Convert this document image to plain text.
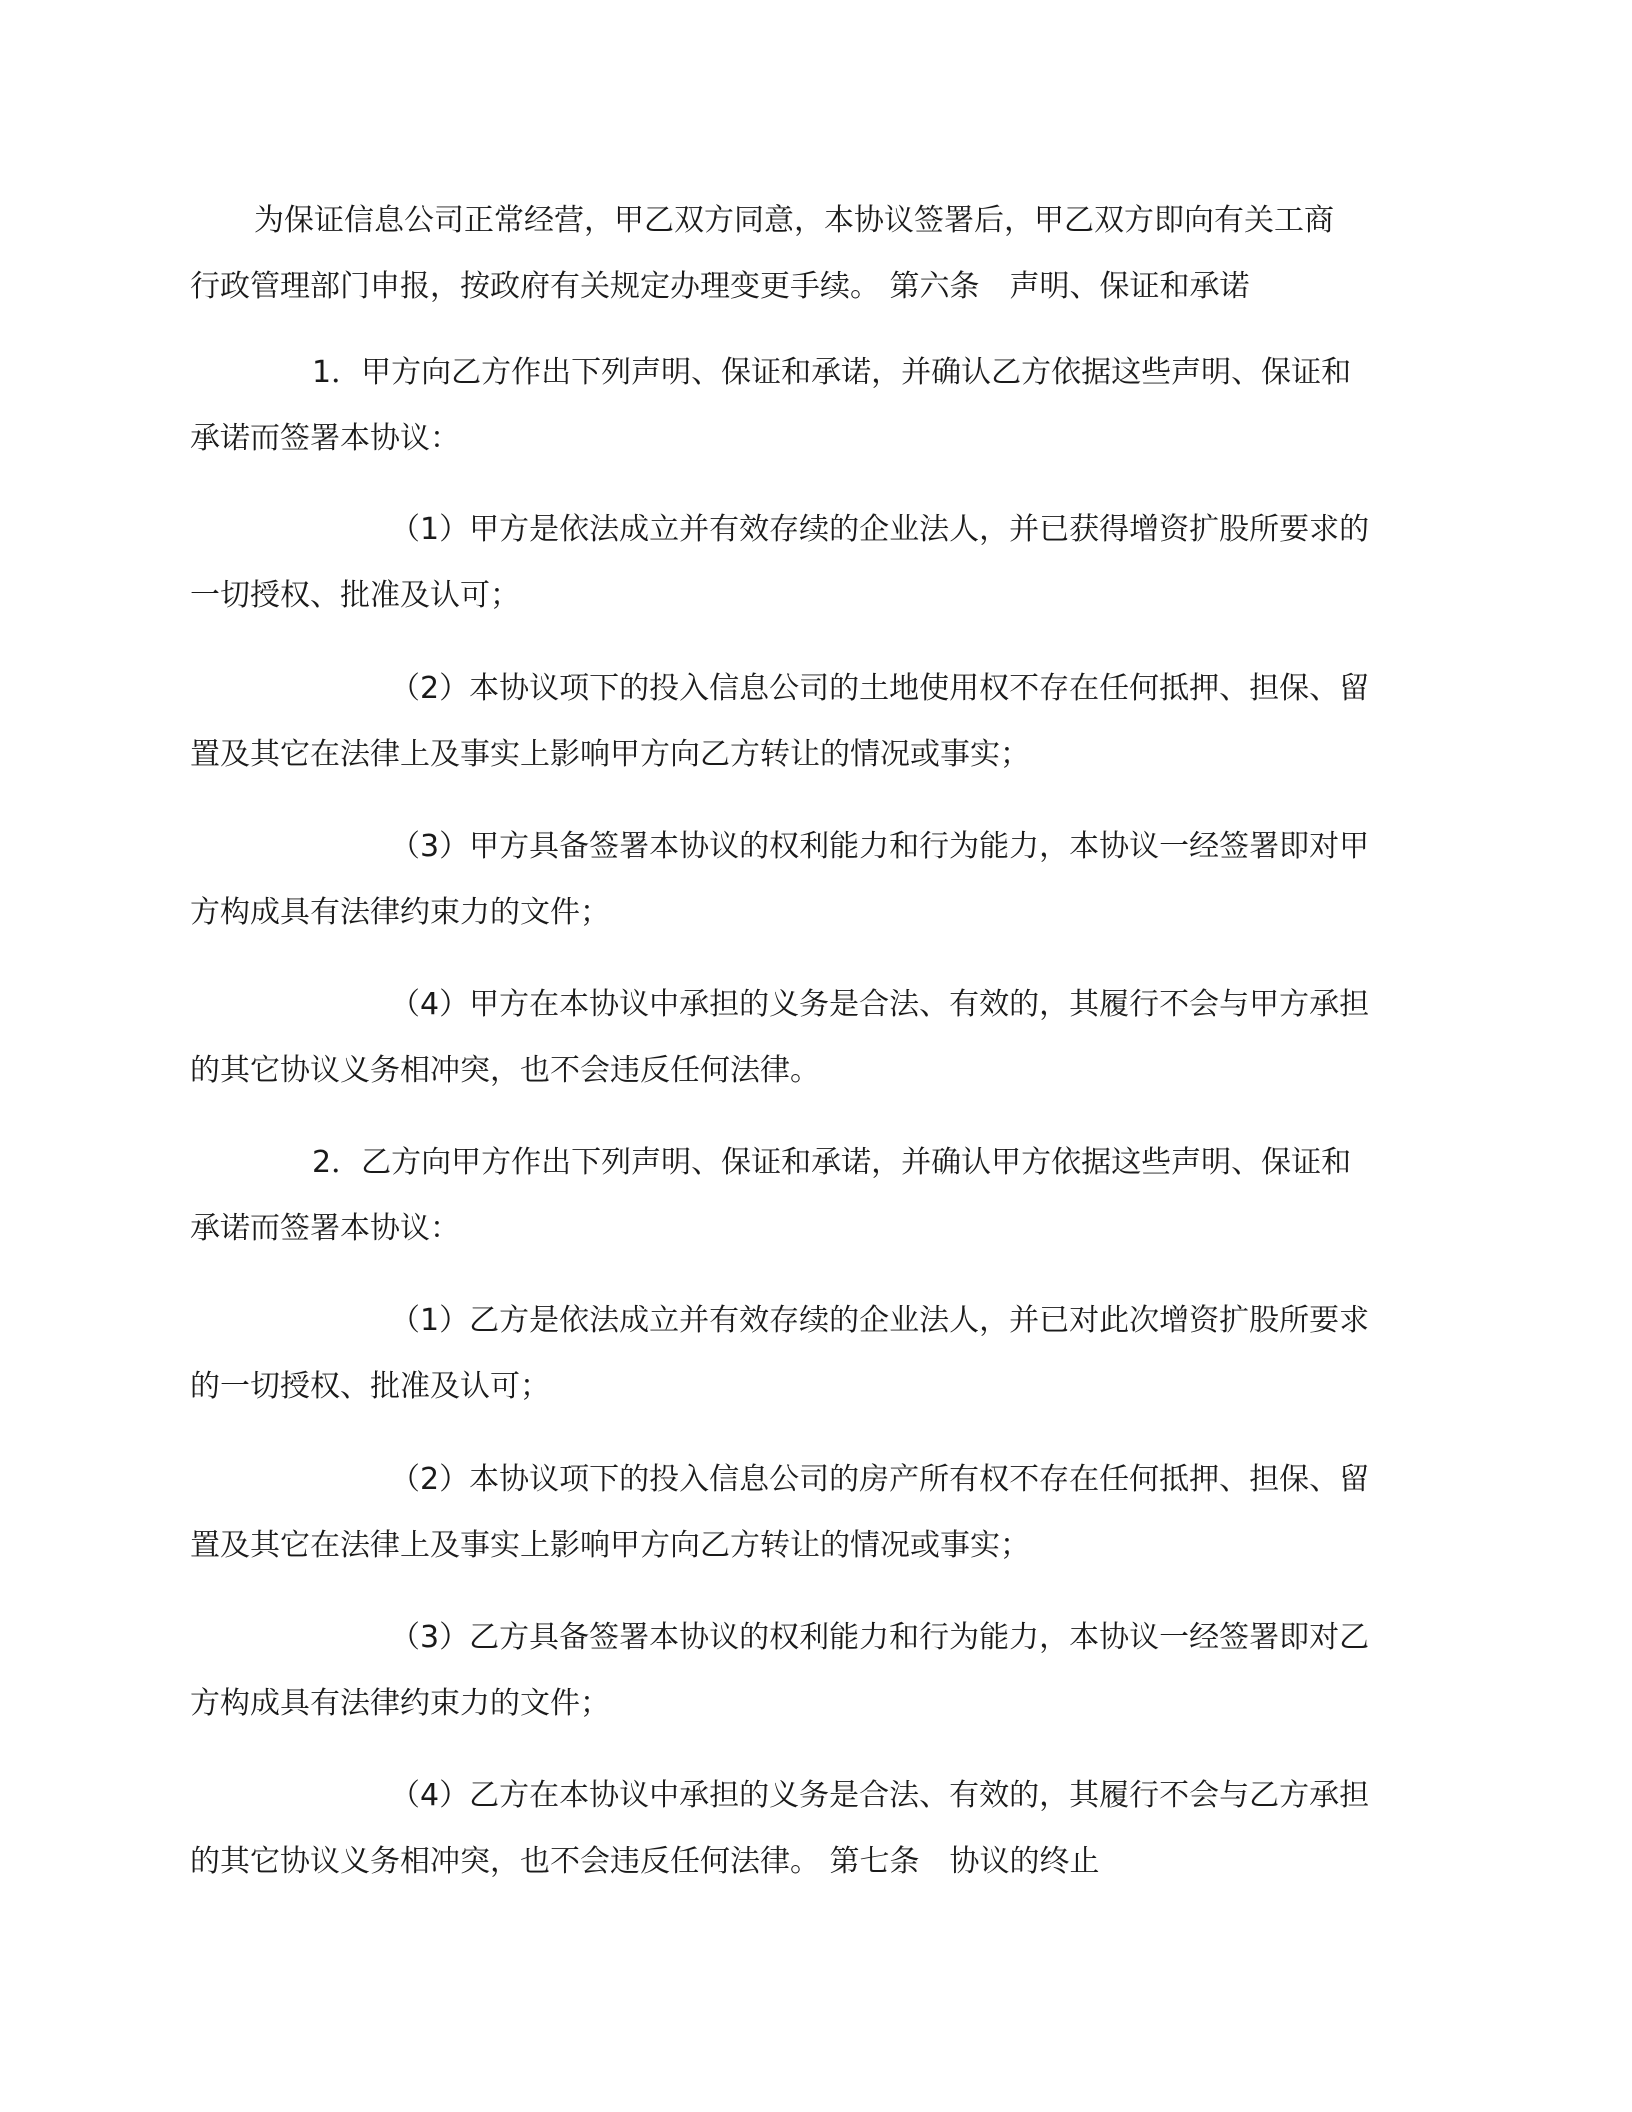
为保证信息公司正常经营，甲乙双方同意，本协议签署后，甲乙双方即向有关工商
行政管理部门申报，按政府有关规定办理变更手续。 第六条　声明、保证和承诺

1．甲方向乙方作出下列声明、保证和承诺，并确认乙方依据这些声明、保证和
承诺而签署本协议：

（1）甲方是依法成立并有效存续的企业法人，并已获得增资扩股所要求的
一切授权、批准及认可；

（2）本协议项下的投入信息公司的土地使用权不存在任何抵押、担保、留
置及其它在法律上及事实上影响甲方向乙方转让的情况或事实；

（3）甲方具备签署本协议的权利能力和行为能力，本协议一经签署即对甲
方构成具有法律约束力的文件；

（4）甲方在本协议中承担的义务是合法、有效的，其履行不会与甲方承担
的其它协议义务相冲突，也不会违反任何法律。

2．乙方向甲方作出下列声明、保证和承诺，并确认甲方依据这些声明、保证和
承诺而签署本协议：

（1）乙方是依法成立并有效存续的企业法人，并已对此次增资扩股所要求
的一切授权、批准及认可；

（2）本协议项下的投入信息公司的房产所有权不存在任何抵押、担保、留
置及其它在法律上及事实上影响甲方向乙方转让的情况或事实；

（3）乙方具备签署本协议的权利能力和行为能力，本协议一经签署即对乙
方构成具有法律约束力的文件；

（4）乙方在本协议中承担的义务是合法、有效的，其履行不会与乙方承担
的其它协议义务相冲突，也不会违反任何法律。 第七条　协议的终止
